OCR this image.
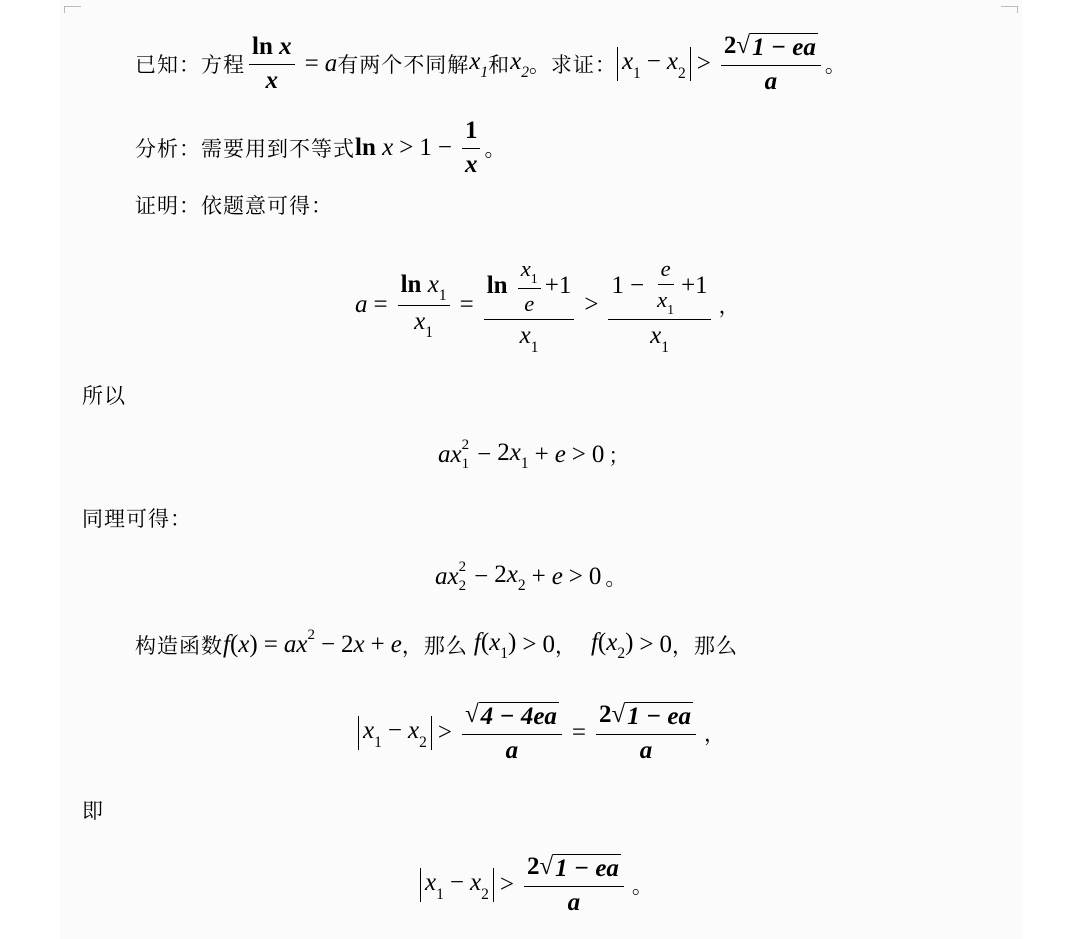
已知： 方程 $\frac{\text{ln x}}{x} = a$ 有两个不同解 $x_1$ 和 $x_2$ 。求证： $x_1 - x_2 > \frac{2 √ 1 - ea}{a}$ 。
分析： 需要用到不等式 $\ln x > 1 - \frac{1}{x}$ 。
证明： 依题意可得：
$a = \frac{\ln x_1}{x_1} = \ln$
$\frac{x_1}{e} + 1$
$x_1 > \frac{1 - \frac{e}{x_1} + 1}{x_1}$ ，
所以
ax 2
$1 - 2x_1 + e > 0$ ；
同理可得：
ax 2
$2 - 2x_2 + e > 0$ 。
构造函数 f(x) = ax 2 − 2x + e ，那么 $f(x_1) > 0$ ， $f(x_2) > 0$ ，那么
$x_1 - x_2 > \frac{√ 4 - 4ea}{a} = \frac{2 √ 1 - ea}{a}$ ，
即
$x_1 - x_2 > \frac{2 √ 1 - ea}{a}$ 。
